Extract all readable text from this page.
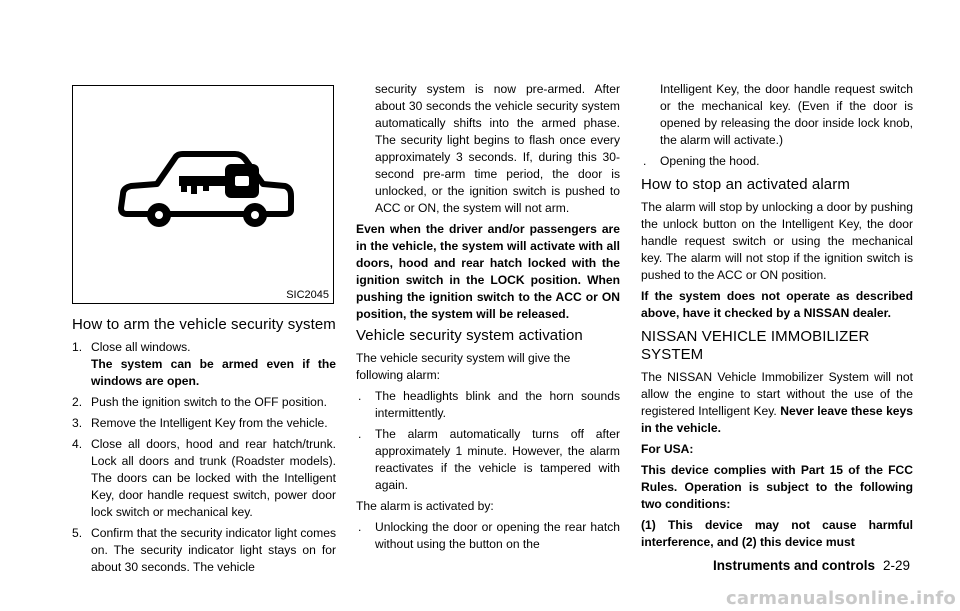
SIC2045
How to arm the vehicle security system
1. Close all windows.
The system can be armed even if the windows are open.
2. Push the ignition switch to the OFF position.
3. Remove the Intelligent Key from the vehicle.
4. Close all doors, hood and rear hatch/trunk. Lock all doors and trunk (Roadster models). The doors can be locked with the Intelligent Key, door handle request switch, power door lock switch or mechanical key.
5. Confirm that the security indicator light comes on. The security indicator light stays on for about 30 seconds. The vehicle

security system is now pre-armed. After about 30 seconds the vehicle security system automatically shifts into the armed phase. The security light begins to flash once every approximately 3 seconds. If, during this 30-second pre-arm time period, the door is unlocked, or the ignition switch is pushed to ACC or ON, the system will not arm.

Even when the driver and/or passengers are in the vehicle, the system will activate with all doors, hood and rear hatch locked with the ignition switch in the LOCK position. When pushing the ignition switch to the ACC or ON position, the system will be released.

Vehicle security system activation

The vehicle security system will give the following alarm:

. The headlights blink and the horn sounds intermittently.
. The alarm automatically turns off after approximately 1 minute. However, the alarm reactivates if the vehicle is tampered with again.

The alarm is activated by:

. Unlocking the door or opening the rear hatch without using the button on the

Intelligent Key, the door handle request switch or the mechanical key. (Even if the door is opened by releasing the door inside lock knob, the alarm will activate.)

. Opening the hood.
How to stop an activated alarm

The alarm will stop by unlocking a door by pushing the unlock button on the Intelligent Key, the door handle request switch or using the mechanical key. The alarm will not stop if the ignition switch is pushed to the ACC or ON position.

If the system does not operate as described above, have it checked by a NISSAN dealer.

NISSAN VEHICLE IMMOBILIZER SYSTEM

The NISSAN Vehicle Immobilizer System will not allow the engine to start without the use of the registered Intelligent Key. Never leave these keys in the vehicle.

For USA:

This device complies with Part 15 of the FCC Rules. Operation is subject to the following two conditions:

(1) This device may not cause harmful interference, and (2) this device must

Instruments and controls 2-29
carmanualsonline.info
